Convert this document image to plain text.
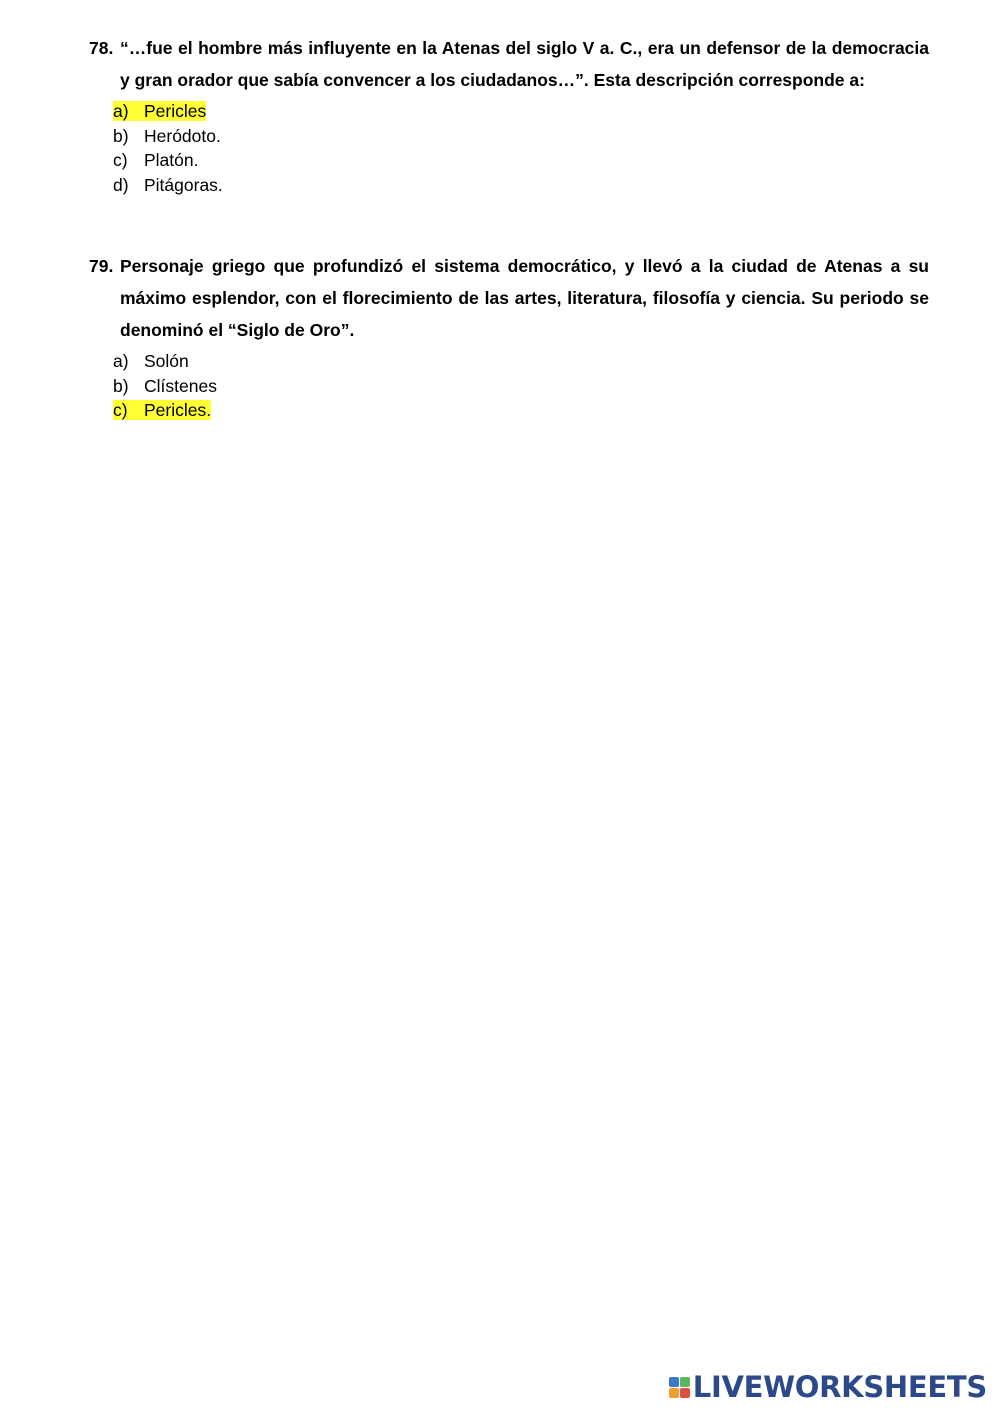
78. “…fue el hombre más influyente en la Atenas del siglo V a. C., era un defensor de la democracia y gran orador que sabía convencer a los ciudadanos…”. Esta descripción corresponde a:
a) Pericles
b) Heródoto.
c) Platón.
d) Pitágoras.
79. Personaje griego que profundizó el sistema democrático, y llevó a la ciudad de Atenas a su máximo esplendor, con el florecimiento de las artes, literatura, filosofía y ciencia. Su periodo se denominó el “Siglo de Oro”.
a) Solón
b) Clístenes
c) Pericles.
LIVEWORKSHEETS
